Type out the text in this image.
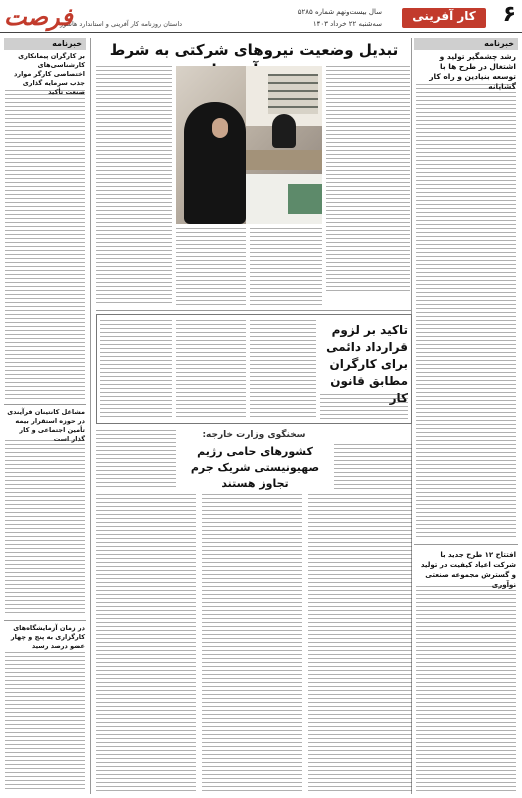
۶
کار آفرینی
سال بیست‌ونهم شماره ۵۲۸۵
سه‌شنبه ۲۲ خرداد ۱۴۰۳
داستان روزنامه کار آفرینی و استاندارد هاشور
فرصت
خبرنامه
رشد چشمگیر تولید و اشتغال در طرح ها با توسعه بنیادین و راه کار گشایانه
افتتاح ۱۲ طرح جدید با شرکت اعیاد کیفیت در تولید و گسترش مجموعه صنعتی نوآوری
خبرنامه
بر کارگران پیمانکاری کارشناسی‌های اختصاصی کارگر موارد جذب سرمایه گذاری صنعت تأکید
مشاغل کانتینان فرآیندی در حوزه استقرار بیمه تأمین اجتماعی و کار گذار است
در زمان آزمایشگاه‌های کارگزاری به پنج و چهار عضو درصد رسید
تبدیل وضعیت نیروهای شرکتی به شرط
تاکید بر لزوم قرارداد دائمی برای کارگران مطابق قانون کار
سخنگوی وزارت خارجه:
کشورهای حامی رژیم صهیونیستی شریک جرم تجاوز هستند
